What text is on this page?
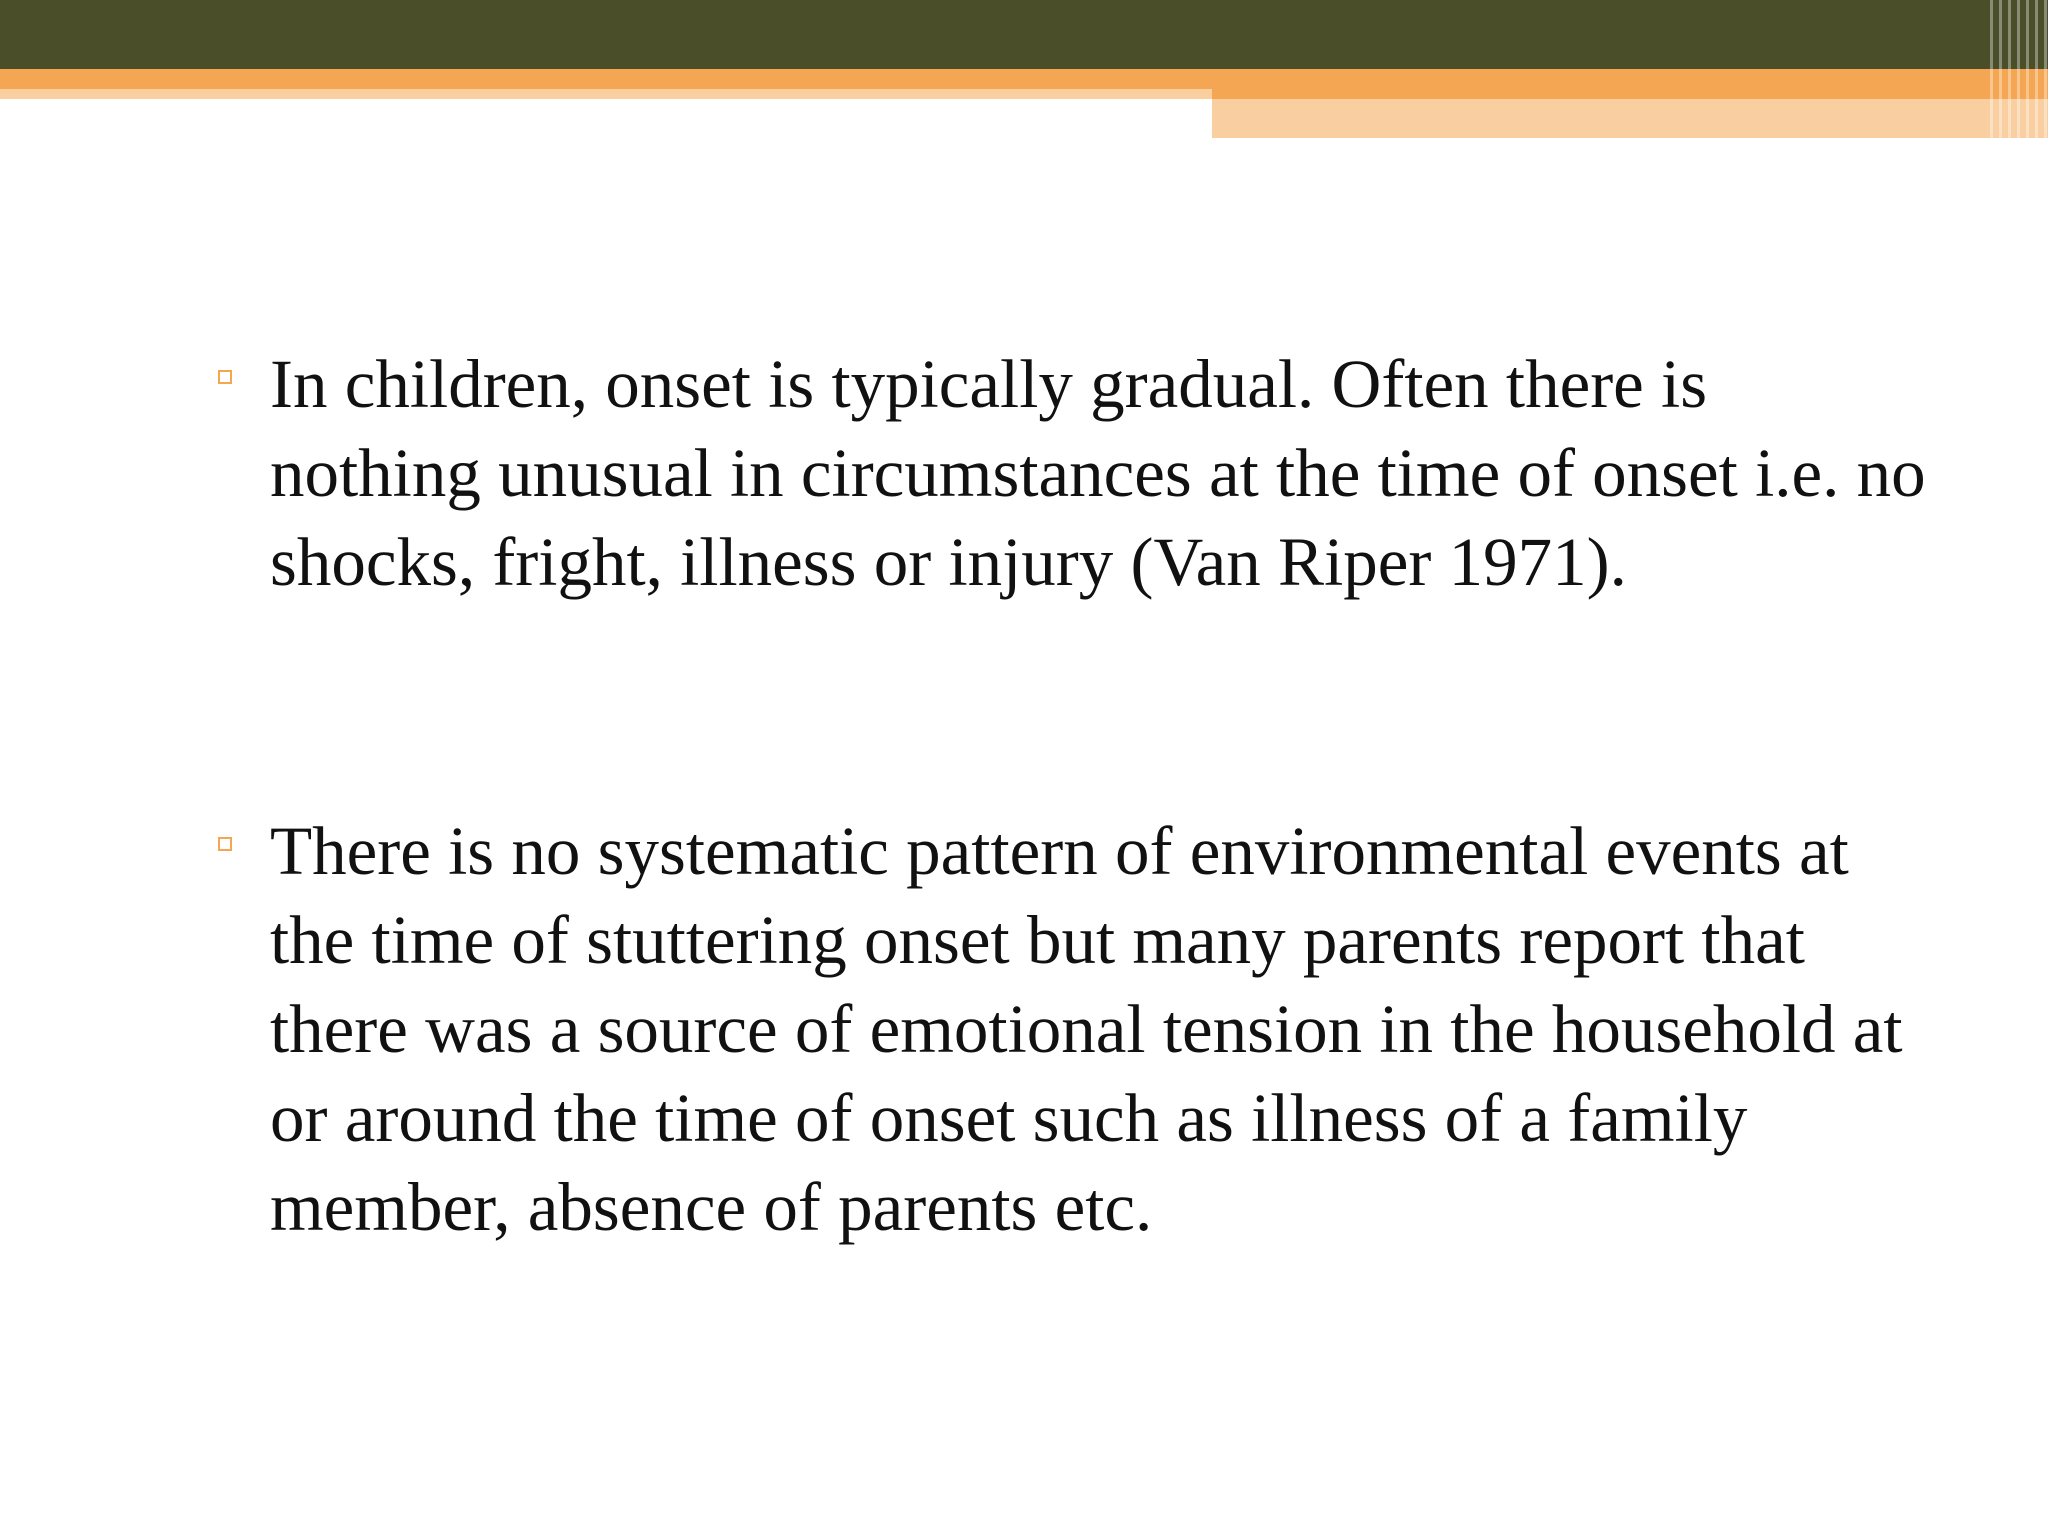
In children, onset is typically gradual. Often there is nothing unusual in circumstances at the time of onset i.e. no shocks, fright, illness or injury (Van Riper 1971).
There is no systematic pattern of environmental events at the time of stuttering onset but many parents report that there was a source of emotional tension in the household at or around the time of onset such as illness of a family member, absence of parents etc.
